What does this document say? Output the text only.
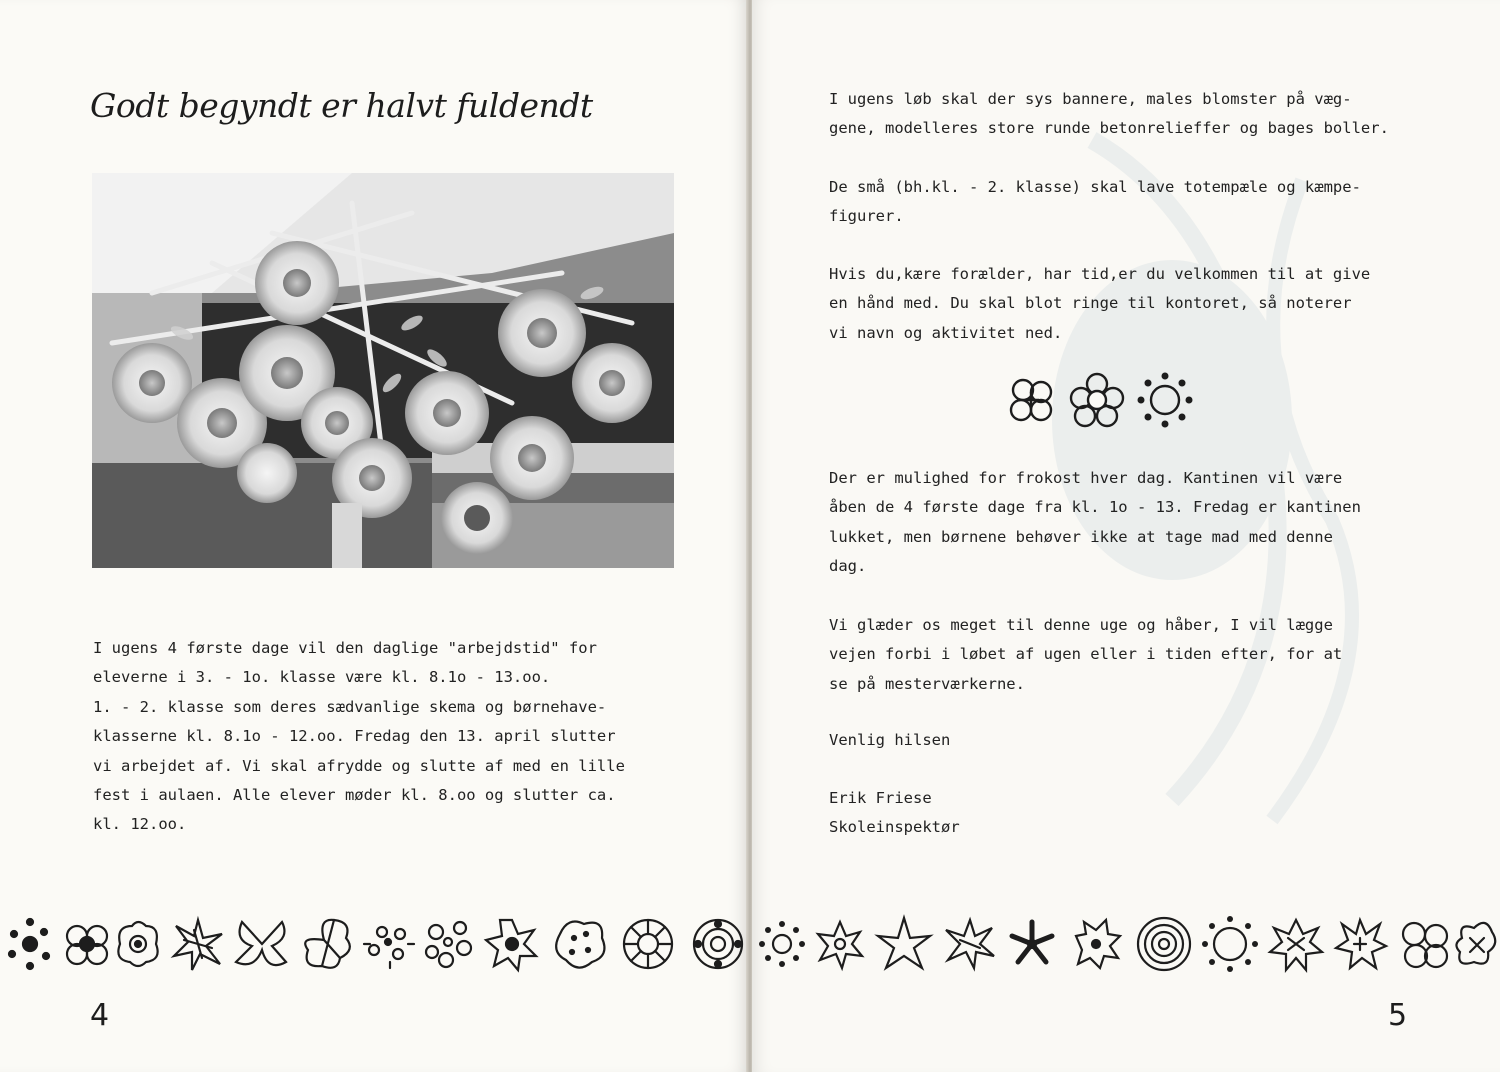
Godt begyndt er halvt fuldendt

I ugens 4 første dage vil den daglige "arbejdstid" for
eleverne i 3. - 1o. klasse være kl. 8.1o - 13.oo.
1. - 2. klasse som deres sædvanlige skema og børnehave-
klasserne kl. 8.1o - 12.oo. Fredag den 13. april slutter
vi arbejdet af. Vi skal afrydde og slutte af med en lille
fest i aulaen. Alle elever møder kl. 8.oo og slutter ca.
kl. 12.oo.

4

I ugens løb skal der sys bannere, males blomster på væg-
gene, modelleres store runde betonrelieffer og bages boller.

De små (bh.kl. - 2. klasse) skal lave totempæle og kæmpe-
figurer.

Hvis du,kære forælder, har tid,er du velkommen til at give
en hånd med. Du skal blot ringe til kontoret, så noterer
vi navn og aktivitet ned.

Der er mulighed for frokost hver dag. Kantinen vil være
åben de 4 første dage fra kl. 1o - 13. Fredag er kantinen
lukket, men børnene behøver ikke at tage mad med denne
dag.

Vi glæder os meget til denne uge og håber, I vil lægge
vejen forbi i løbet af ugen eller i tiden efter, for at
se på mesterværkerne.

Venlig hilsen

Erik Friese

Skoleinspektør

5
